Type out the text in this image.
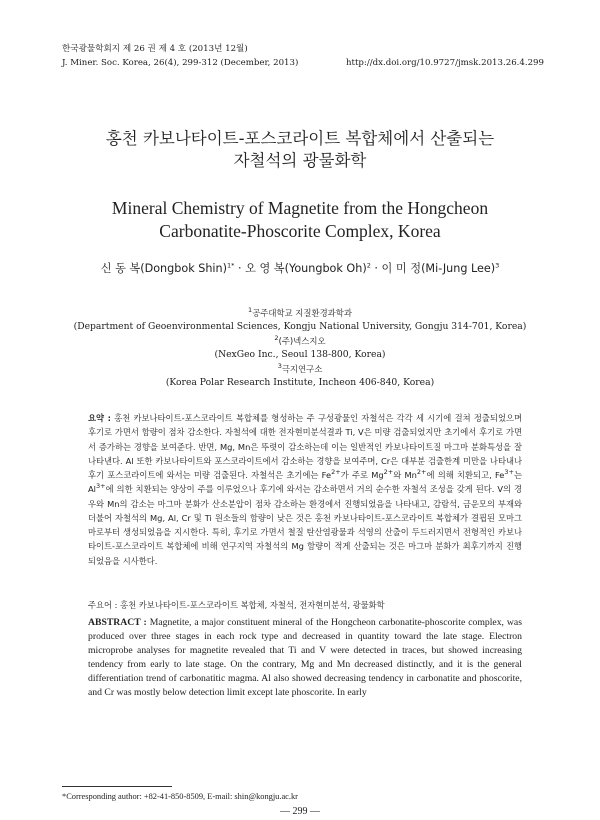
한국광물학회지 제 26 권 제 4 호 (2013년 12월)
J. Miner. Soc. Korea, 26(4), 299-312 (December, 2013)	http://dx.doi.org/10.9727/jmsk.2013.26.4.299
홍천 카보나타이트-포스코라이트 복합체에서 산출되는
자철석의 광물화학
Mineral Chemistry of Magnetite from the Hongcheon
Carbonatite-Phoscorite Complex, Korea
신 동 복(Dongbok Shin)$^{1*}$ · 오 영 복(Youngbok Oh)$^2$ · 이 미 정(Mi-Jung Lee)$^3$
$^1$공주대학교 지질환경과학과
(Department of Geoenvironmental Sciences, Kongju National University, Gongju 314-701, Korea)
$^2$(주)넥스지오
(NexGeo Inc., Seoul 138-800, Korea)
$^3$극지연구소
(Korea Polar Research Institute, Incheon 406-840, Korea)
요약 : 홍천 카보나타이트-포스코라이트 복합체를 형성하는 주 구성광물인 자철석은 각각 세 시기에 걸쳐 정출되었으며 후기로 가면서 함량이 점차 감소한다. 자철석에 대한 전자현미분석결과 Ti, V은 미량 검출되었지만 초기에서 후기로 가면서 증가하는 경향을 보여준다. 반면, Mg, Mn은 뚜렷이 감소하는데 이는 일반적인 카보나타이트질 마그마 분화특성을 잘 나타낸다. Al 또한 카보나타이트와 포스코라이트에서 감소하는 경향을 보여주며, Cr은 대부분 검출한계 미만을 나타내나 후기 포스코라이트에 와서는 미량 검출된다. 자철석은 초기에는 $Fe^{2+}$가 주로 $Mg^{2+}$와 $Mn^{2+}$에 의해 치환되고, $Fe^{3+}$는 $Al^{3+}$에 의한 치환되는 양상이 주를 이루었으나 후기에 와서는 감소하면서 거의 순수한 자철석 조성을 갖게 된다. V의 경우와 Mn의 감소는 마그마 분화가 산소분압이 점차 감소하는 환경에서 진행되었음을 나타내고, 감람석, 금운모의 부재와 더불어 자철석의 Mg, Al, Cr 및 Ti 원소들의 함량이 낮은 것은 홍천 카보나타이트-포스코라이트 복합체가 결핍된 모마그마로부터 생성되었음을 지시한다. 특히, 후기로 가면서 철질 탄산염광물과 석영의 산출이 두드러지면서 전형적인 카보나타이트-포스코라이트 복합체에 비해 연구지역 자철석의 Mg 함량이 적게 산출되는 것은 마그마 분화가 최후기까지 진행되었음을 시사한다.
주요어 : 홍천 카보나타이트-포스코라이트 복합체, 자철석, 전자현미분석, 광물화학
ABSTRACT : Magnetite, a major constituent mineral of the Hongcheon carbonatite-phoscorite complex, was produced over three stages in each rock type and decreased in quantity toward the late stage. Electron microprobe analyses for magnetite revealed that Ti and V were detected in traces, but showed increasing tendency from early to late stage. On the contrary, Mg and Mn decreased distinctly, and it is the general differentiation trend of carbonatitic magma. Al also showed decreasing tendency in carbonatite and phoscorite, and Cr was mostly below detection limit except late phoscorite. In early
*Corresponding author: +82-41-850-8509, E-mail: shin@kongju.ac.kr
— 299 —
